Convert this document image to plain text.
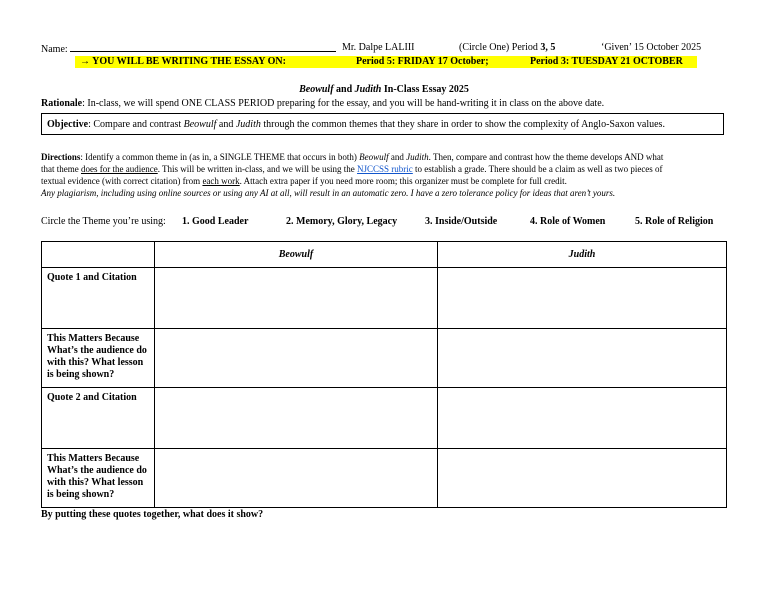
Name:	Mr. Dalpe LALIII	(Circle One) Period 3, 5	‘Given’ 15 October 2025
→ YOU WILL BE WRITING THE ESSAY ON:	Period 5: FRIDAY 17 October;	Period 3: TUESDAY 21 OCTOBER
Beowulf and Judith In-Class Essay 2025
Rationale: In-class, we will spend ONE CLASS PERIOD preparing for the essay, and you will be hand-writing it in class on the above date.
Objective: Compare and contrast Beowulf and Judith through the common themes that they share in order to show the complexity of Anglo-Saxon values.
Directions: Identify a common theme in (as in, a SINGLE THEME that occurs in both) Beowulf and Judith. Then, compare and contrast how the theme develops AND what
that theme does for the audience. This will be written in-class, and we will be using the NJCCSS rubric to establish a grade. There should be a claim as well as two pieces of
textual evidence (with correct citation) from each work. Attach extra paper if you need more room; this organizer must be complete for full credit.
Any plagiarism, including using online sources or using any AI at all, will result in an automatic zero. I have a zero tolerance policy for ideas that aren’t yours.
Circle the Theme you’re using: 1. Good Leader	2. Memory, Glory, Legacy	3. Inside/Outside	4. Role of Women	5. Role of Religion
	Beowulf	Judith
Quote 1 and Citation		
This Matters Because What’s the audience do with this? What lesson is being shown?		
Quote 2 and Citation		
This Matters Because What’s the audience do with this? What lesson is being shown?		
By putting these quotes together, what does it show?
